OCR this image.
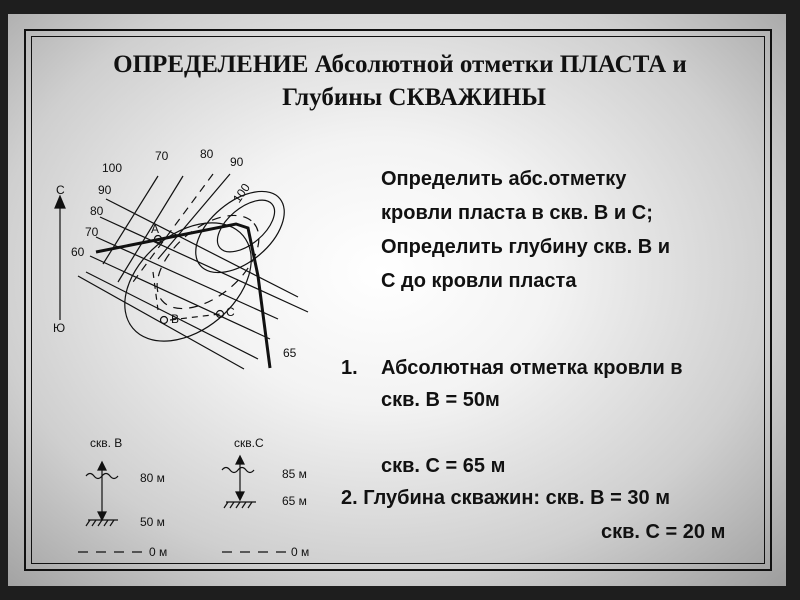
ОПРЕДЕЛЕНИЕ Абсолютной отметки ПЛАСТА и
Глубины СКВАЖИНЫ
Определить абс.отметку
кровли пласта в скв. В и С;
Определить глубину скв. В и
С до кровли пласта
1. Абсолютная отметка кровли в
скв. В = 50м
скв. С = 65 м
2. Глубина скважин: скв. В = 30 м
скв. С = 20 м
С
Ю
100
90
80
70
60
70	80
90
100
65
A
B	C
скв. В
80 м
50 м
0 м
скв.С
85 м
65 м
0 м
